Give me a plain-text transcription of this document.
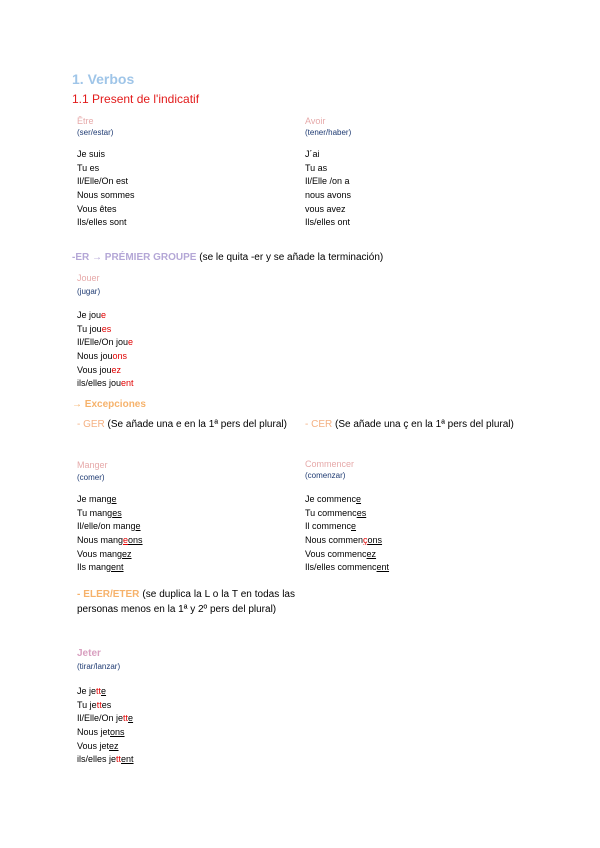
1. Verbos
1.1 Present de l'indicatif
Être
(ser/estar)
Je suis
Tu es
Il/Elle/On est
Nous sommes
Vous êtes
Ils/elles sont
Avoir
(tener/haber)
J´ai
Tu as
Il/Elle /on a
nous avons
vous avez
Ils/elles ont
-ER → PRÉMIER GROUPE (se le quita -er y se añade la terminación)
Jouer
(jugar)
Je joue
Tu joues
Il/Elle/On joue
Nous jouons
Vous jouez
ils/elles jouent
→ Excepciones
- GER (Se añade una e en la 1ª pers del plural)	- CER (Se añade una ç en la 1ª pers del plural)
Manger
(comer)
Je mange
Tu manges
Il/elle/on mange
Nous mangeons
Vous mangez
Ils mangent
Commencer
(comenzar)
Je commence
Tu commences
Il commence
Nous commençons
Vous commencez
Ils/elles commencent
- ELER/ETER (se duplica la L o la T en todas las personas menos en la 1ª y 2º pers del plural)
Jeter
(tirar/lanzar)
Je jette
Tu jettes
Il/Elle/On jette
Nous jetons
Vous jetez
ils/elles jettent
